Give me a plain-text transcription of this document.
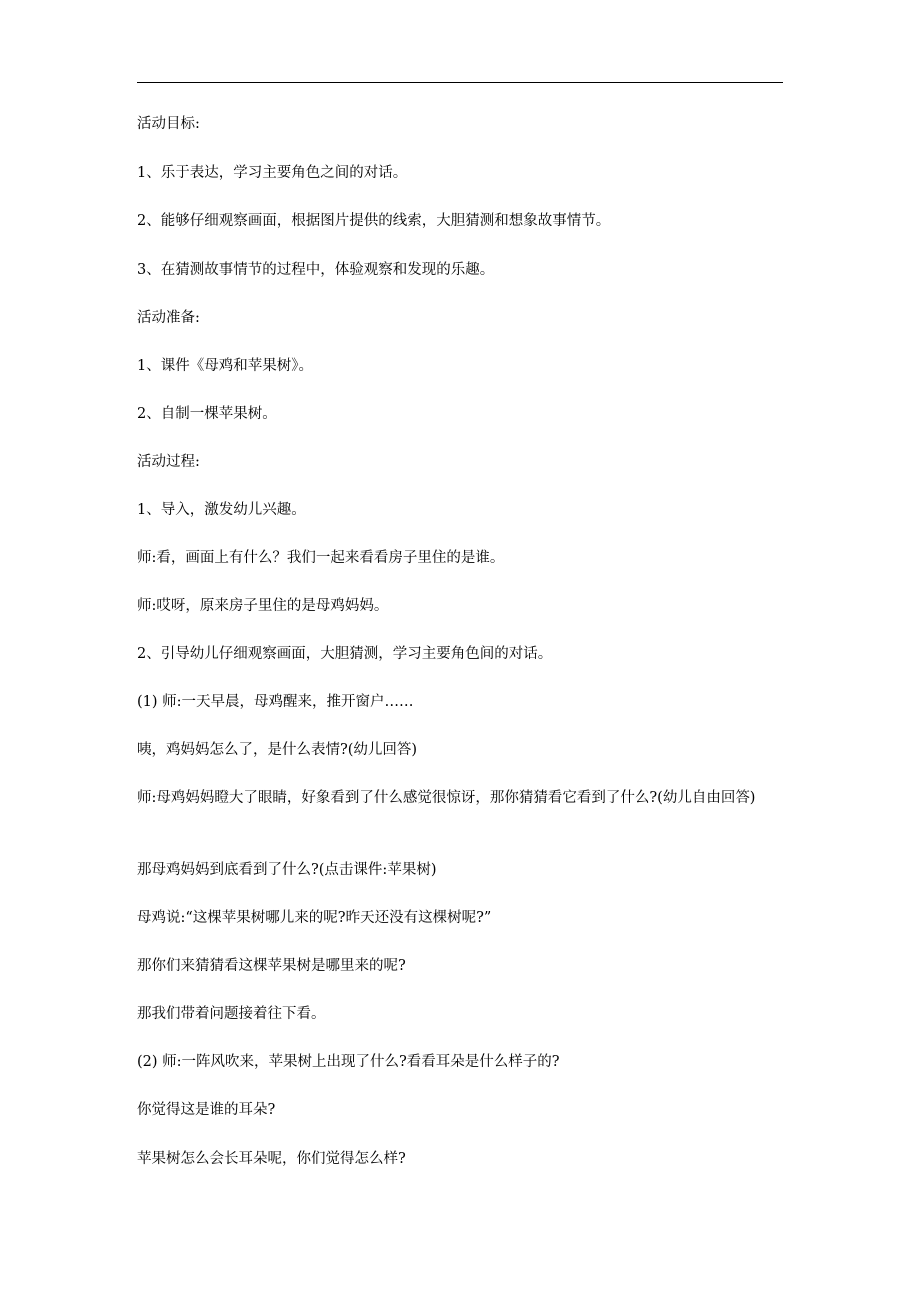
活动目标:
1、乐于表达，学习主要角色之间的对话。
2、能够仔细观察画面，根据图片提供的线索，大胆猜测和想象故事情节。
3、在猜测故事情节的过程中，体验观察和发现的乐趣。
活动准备:
1、课件《母鸡和苹果树》。
2、自制一棵苹果树。
活动过程:
1、导入，激发幼儿兴趣。
师:看，画面上有什么？我们一起来看看房子里住的是谁。
师:哎呀，原来房子里住的是母鸡妈妈。
2、引导幼儿仔细观察画面，大胆猜测，学习主要角色间的对话。
(1) 师:一天早晨，母鸡醒来，推开窗户……
咦，鸡妈妈怎么了，是什么表情?(幼儿回答)
师:母鸡妈妈瞪大了眼睛，好象看到了什么感觉很惊讶，那你猜猜看它看到了什么?(幼儿自由回答)
那母鸡妈妈到底看到了什么?(点击课件:苹果树)
母鸡说:“这棵苹果树哪儿来的呢?昨天还没有这棵树呢?”
那你们来猜猜看这棵苹果树是哪里来的呢?
那我们带着问题接着往下看。
(2) 师:一阵风吹来，苹果树上出现了什么?看看耳朵是什么样子的?
你觉得这是谁的耳朵?
苹果树怎么会长耳朵呢，你们觉得怎么样?
